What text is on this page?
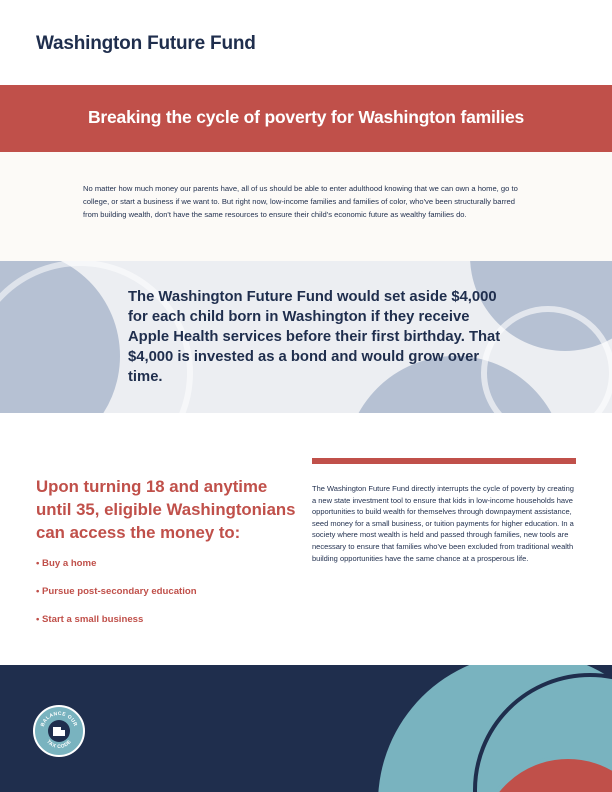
Washington Future Fund
Breaking the cycle of poverty for Washington families
No matter how much money our parents have, all of us should be able to enter adulthood knowing that we can own a home, go to college, or start a business if we want to. But right now, low-income families and families of color, who've been structurally barred from building wealth, don't have the same resources to ensure their child's economic future as wealthy families do.
The Washington Future Fund would set aside $4,000 for each child born in Washington if they receive Apple Health services before their first birthday. That $4,000 is invested as a bond and would grow over time.
Upon turning 18 and anytime until 35, eligible Washingtonians can access the money to:
• Buy a home
• Pursue post-secondary education
• Start a small business
The Washington Future Fund directly interrupts the cycle of poverty by creating a new state investment tool to ensure that kids in low-income households have opportunities to build wealth for themselves through downpayment assistance, seed money for a small business, or tuition payments for higher education. In a society where most wealth is held and passed through families, new tools are necessary to ensure that families who've been excluded from traditional wealth building opportunities have the same chance at a prosperous life.
BALANCE OUR
TAX CODE
